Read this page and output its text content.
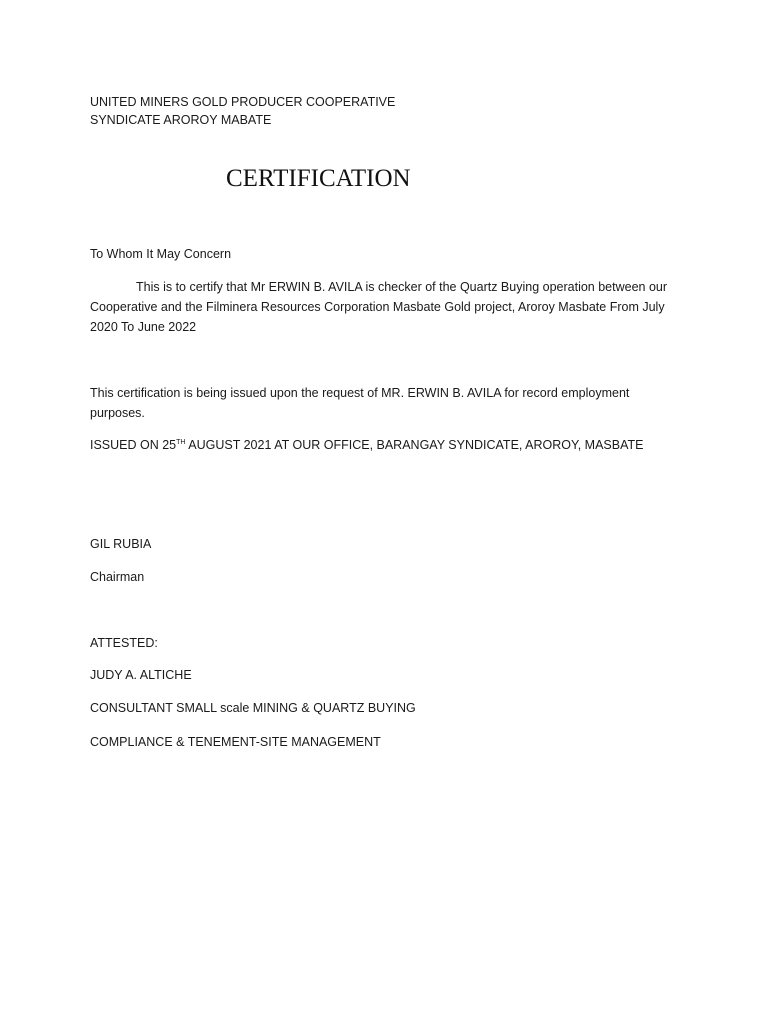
UNITED MINERS GOLD PRODUCER COOPERATIVE
SYNDICATE AROROY MABATE
CERTIFICATION
To Whom It May Concern
This is to certify that Mr ERWIN B. AVILA is checker of the Quartz Buying operation between our
Cooperative and the Filminera Resources Corporation Masbate Gold project, Aroroy Masbate From July
2020 To June 2022
This certification is being issued upon the request of MR. ERWIN B. AVILA for record employment
purposes.
ISSUED ON 25TH AUGUST 2021 AT OUR OFFICE, BARANGAY SYNDICATE, AROROY, MASBATE
GIL RUBIA
Chairman
ATTESTED:
JUDY A. ALTICHE
CONSULTANT SMALL scale MINING & QUARTZ BUYING
COMPLIANCE & TENEMENT-SITE MANAGEMENT
